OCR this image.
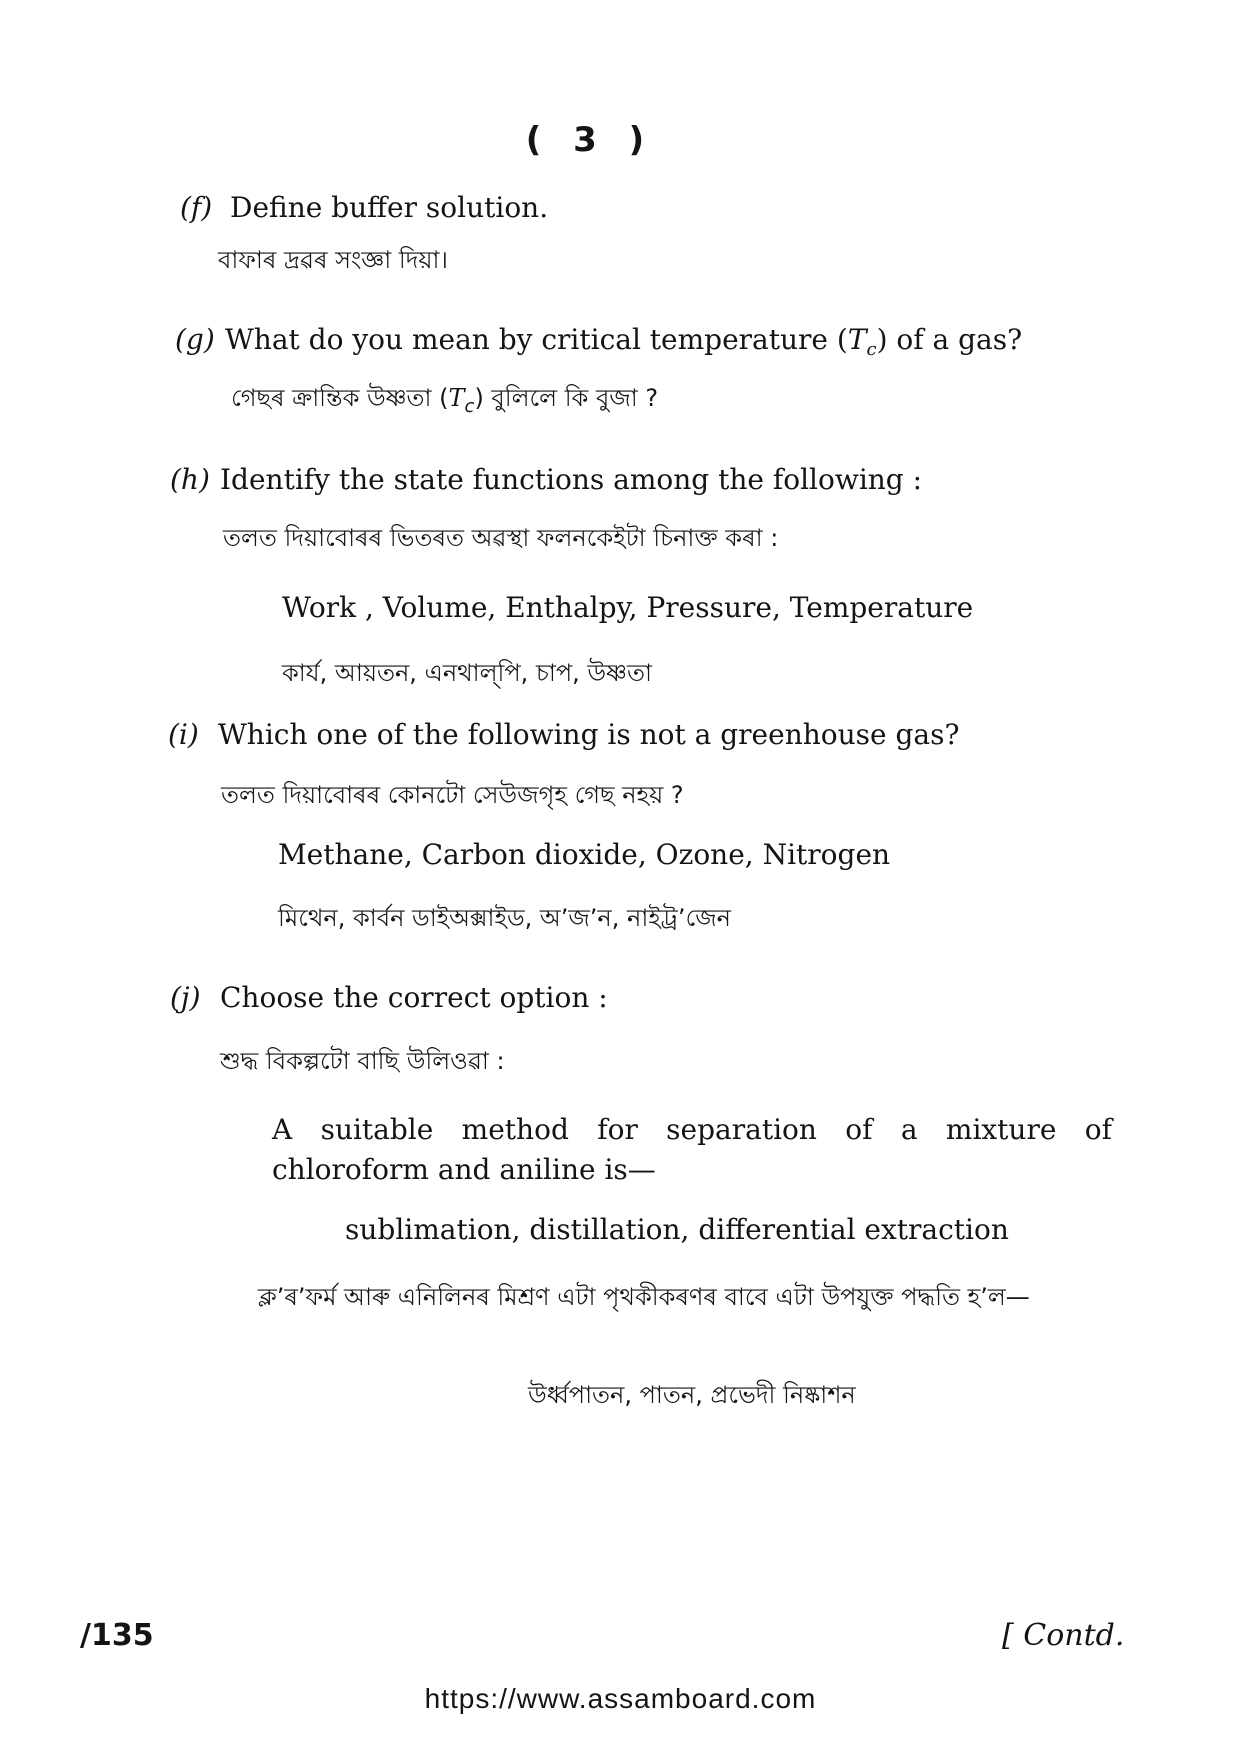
( 3 )
(f) Define buffer solution.
বাফাৰ দ্ৰৱৰ সংজ্ঞা দিয়া।
(g) What do you mean by critical temperature $(T_c)$ of a gas?
গেছৰ ক্ৰান্তিক উষ্ণতা $(T_c)$ বুলিলে কি বুজা ?
(h) Identify the state functions among the following :
তলত দিয়াবোৰৰ ভিতৰত অৱস্থা ফলনকেইটা চিনাক্ত কৰা :
Work , Volume, Enthalpy, Pressure, Temperature
কাৰ্য, আয়তন, এনথাল্‌পি, চাপ, উষ্ণতা
(i) Which one of the following is not a greenhouse gas?
তলত দিয়াবোৰৰ কোনটো সেউজগৃহ গেছ নহয় ?
Methane, Carbon dioxide, Ozone, Nitrogen
মিথেন, কাৰ্বন ডাইঅক্সাইড, অ’জ’ন, নাইট্ৰ’জেন
(j) Choose the correct option :
শুদ্ধ বিকল্পটো বাছি উলিওৱা :
A suitable method for separation of a mixture of chloroform and aniline is—
sublimation, distillation, differential extraction
ক্ল’ৰ’ফৰ্ম আৰু এনিলিনৰ মিশ্ৰণ এটা পৃথকীকৰণৰ বাবে এটা উপযুক্ত পদ্ধতি হ’ল—
উৰ্ধ্বপাতন, পাতন, প্ৰভেদী নিষ্কাশন
/135	[ Contd.
https://www.assamboard.com
